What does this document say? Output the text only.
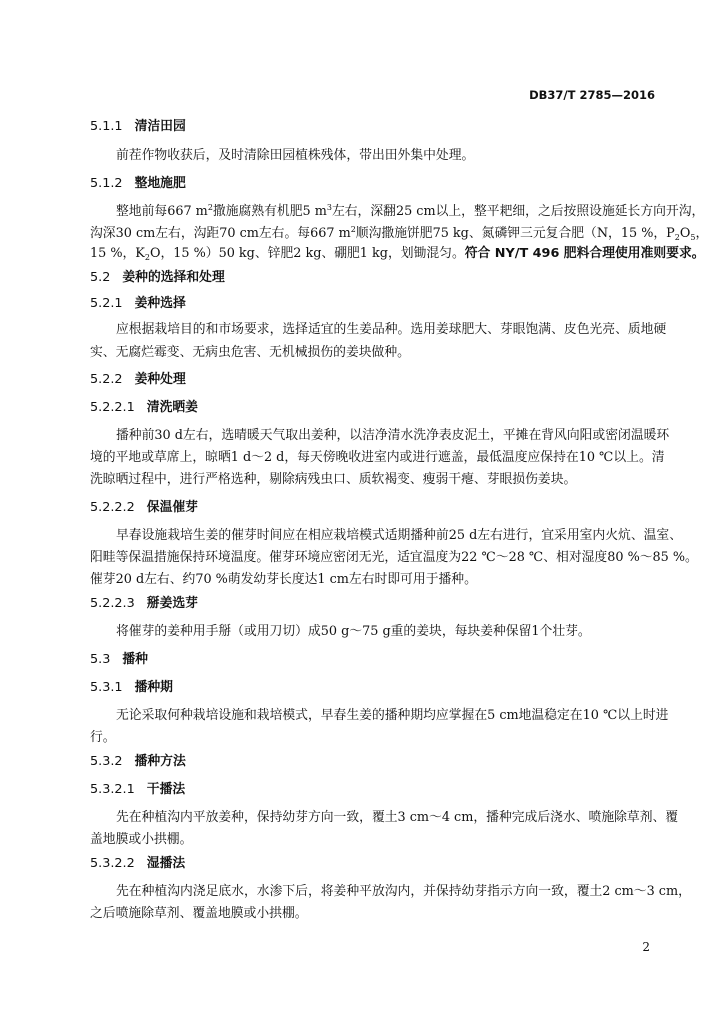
DB37/T 2785—2016
5.1.1 清洁田园
前茬作物收获后，及时清除田园植株残体，带出田外集中处理。
5.1.2 整地施肥
整地前每667 $m^2$撒施腐熟有机肥5 $m^3$左右，深翻25 cm以上，整平耙细，之后按照设施延长方向开沟，
沟深30 cm左右，沟距70 cm左右。每667 $m^2$顺沟撒施饼肥75 kg、氮磷钾三元复合肥（N，15 %，$P_2O_5$，
15 %，$K_2O$，15 %）50 kg、锌肥2 kg、硼肥1 kg，划锄混匀。符合 NY/T 496 肥料合理使用准则要求。
5.2 姜种的选择和处理
5.2.1 姜种选择
应根据栽培目的和市场要求，选择适宜的生姜品种。选用姜球肥大、芽眼饱满、皮色光亮、质地硬
实、无腐烂霉变、无病虫危害、无机械损伤的姜块做种。
5.2.2 姜种处理
5.2.2.1 清洗晒姜
播种前30 d左右，选晴暖天气取出姜种，以洁净清水洗净表皮泥土，平摊在背风向阳或密闭温暖环
境的平地或草席上，晾晒1 d～2 d，每天傍晚收进室内或进行遮盖，最低温度应保持在10 ℃以上。清
洗晾晒过程中，进行严格选种，剔除病残虫口、质软褐变、瘦弱干瘪、芽眼损伤姜块。
5.2.2.2 保温催芽
早春设施栽培生姜的催芽时间应在相应栽培模式适期播种前25 d左右进行，宜采用室内火炕、温室、
阳畦等保温措施保持环境温度。催芽环境应密闭无光，适宜温度为22 ℃～28 ℃、相对湿度80 %～85 %。
催芽20 d左右、约70 %萌发幼芽长度达1 cm左右时即可用于播种。
5.2.2.3 掰姜选芽
将催芽的姜种用手掰（或用刀切）成50 g～75 g重的姜块，每块姜种保留1个壮芽。
5.3 播种
5.3.1 播种期
无论采取何种栽培设施和栽培模式，早春生姜的播种期均应掌握在5 cm地温稳定在10 ℃以上时进
行。
5.3.2 播种方法
5.3.2.1 干播法
先在种植沟内平放姜种，保持幼芽方向一致，覆土3 cm～4 cm，播种完成后浇水、喷施除草剂、覆
盖地膜或小拱棚。
5.3.2.2 湿播法
先在种植沟内浇足底水，水渗下后，将姜种平放沟内，并保持幼芽指示方向一致，覆土2 cm～3 cm，
之后喷施除草剂、覆盖地膜或小拱棚。
2
